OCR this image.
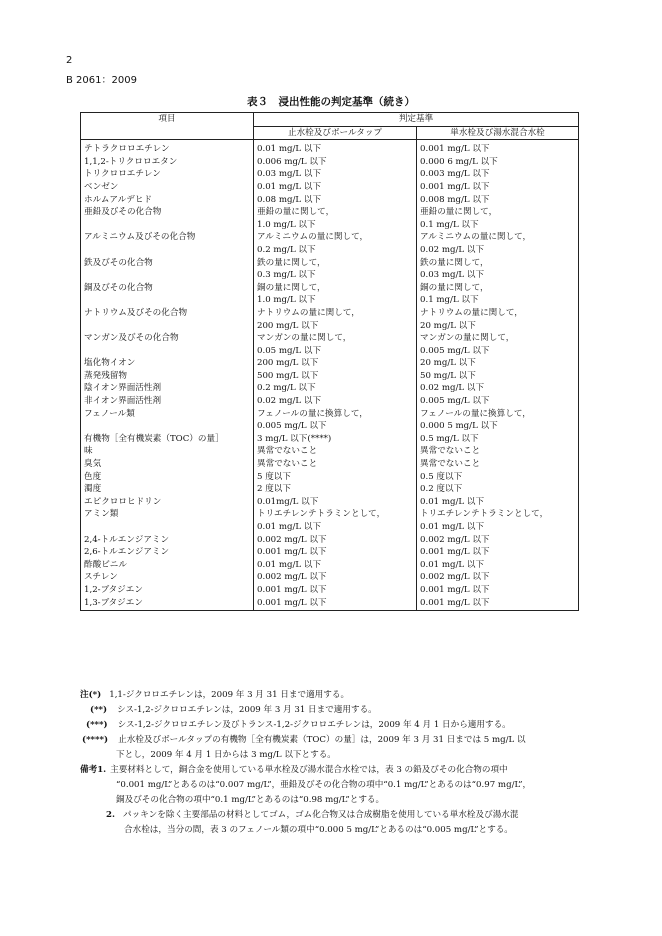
2
B 2061：2009
表３　浸出性能の判定基準（続き）
項目	判定基準	
	止水栓及びボールタップ	単水栓及び湯水混合水栓
テトラクロロエチレン	0.01 mg/L 以下	0.001 mg/L 以下
1,1,2-トリクロロエタン	0.006 mg/L 以下	0.000 6 mg/L 以下
トリクロロエチレン	0.03 mg/L 以下	0.003 mg/L 以下
ベンゼン	0.01 mg/L 以下	0.001 mg/L 以下
ホルムアルデヒド	0.08 mg/L 以下	0.008 mg/L 以下
亜鉛及びその化合物	亜鉛の量に関して，	亜鉛の量に関して，
	1.0 mg/L 以下	0.1 mg/L 以下
アルミニウム及びその化合物	アルミニウムの量に関して，	アルミニウムの量に関して，
	0.2 mg/L 以下	0.02 mg/L 以下
鉄及びその化合物	鉄の量に関して，	鉄の量に関して，
	0.3 mg/L 以下	0.03 mg/L 以下
銅及びその化合物	銅の量に関して，	銅の量に関して，
	1.0 mg/L 以下	0.1 mg/L 以下
ナトリウム及びその化合物	ナトリウムの量に関して，	ナトリウムの量に関して，
	200 mg/L 以下	20 mg/L 以下
マンガン及びその化合物	マンガンの量に関して，	マンガンの量に関して，
	0.05 mg/L 以下	0.005 mg/L 以下
塩化物イオン	200 mg/L 以下	20 mg/L 以下
蒸発残留物	500 mg/L 以下	50 mg/L 以下
陰イオン界面活性剤	0.2 mg/L 以下	0.02 mg/L 以下
非イオン界面活性剤	0.02 mg/L 以下	0.005 mg/L 以下
フェノール類	フェノールの量に換算して，	フェノールの量に換算して，
	0.005 mg/L 以下	0.000 5 mg/L 以下
有機物［全有機炭素（TOC）の量］	3 mg/L 以下(****)	0.5 mg/L 以下
味	異常でないこと	異常でないこと
臭気	異常でないこと	異常でないこと
色度	5 度以下	0.5 度以下
濁度	2 度以下	0.2 度以下
エピクロロヒドリン	0.01mg/L 以下	0.01 mg/L 以下
アミン類	トリエチレンテトラミンとして，	トリエチレンテトラミンとして，
	0.01 mg/L 以下	0.01 mg/L 以下
2,4-トルエンジアミン	0.002 mg/L 以下	0.002 mg/L 以下
2,6-トルエンジアミン	0.001 mg/L 以下	0.001 mg/L 以下
酢酸ビニル	0.01 mg/L 以下	0.01 mg/L 以下
スチレン	0.002 mg/L 以下	0.002 mg/L 以下
1,2-ブタジエン	0.001 mg/L 以下	0.001 mg/L 以下
1,3-ブタジエン	0.001 mg/L 以下	0.001 mg/L 以下
注(*) 1,1-ジクロロエチレンは，2009 年 3 月 31 日まで適用する。
(**)	シス-1,2-ジクロロエチレンは，2009 年 3 月 31 日まで適用する。
(***)	シス-1,2-ジクロロエチレン及びトランス-1,2-ジクロロエチレンは，2009 年 4 月 1 日から適用する。
(****)	止水栓及びボールタップの有機物［全有機炭素（TOC）の量］は，2009 年 3 月 31 日までは 5 mg/L 以
下とし，2009 年 4 月 1 日からは 3 mg/L 以下とする。
備考1. 主要材料として，銅合金を使用している単水栓及び湯水混合水栓では，表 3 の鉛及びその化合物の項中
“0.001 mg/L”とあるのは“0.007 mg/L”，亜鉛及びその化合物の項中“0.1 mg/L”とあるのは“0.97 mg/L”，
銅及びその化合物の項中“0.1 mg/L”とあるのは“0.98 mg/L”とする。
2. パッキンを除く主要部品の材料としてゴム，ゴム化合物又は合成樹脂を使用している単水栓及び湯水混
合水栓は，当分の間，表 3 のフェノール類の項中“0.000 5 mg/L”とあるのは“0.005 mg/L”とする。
